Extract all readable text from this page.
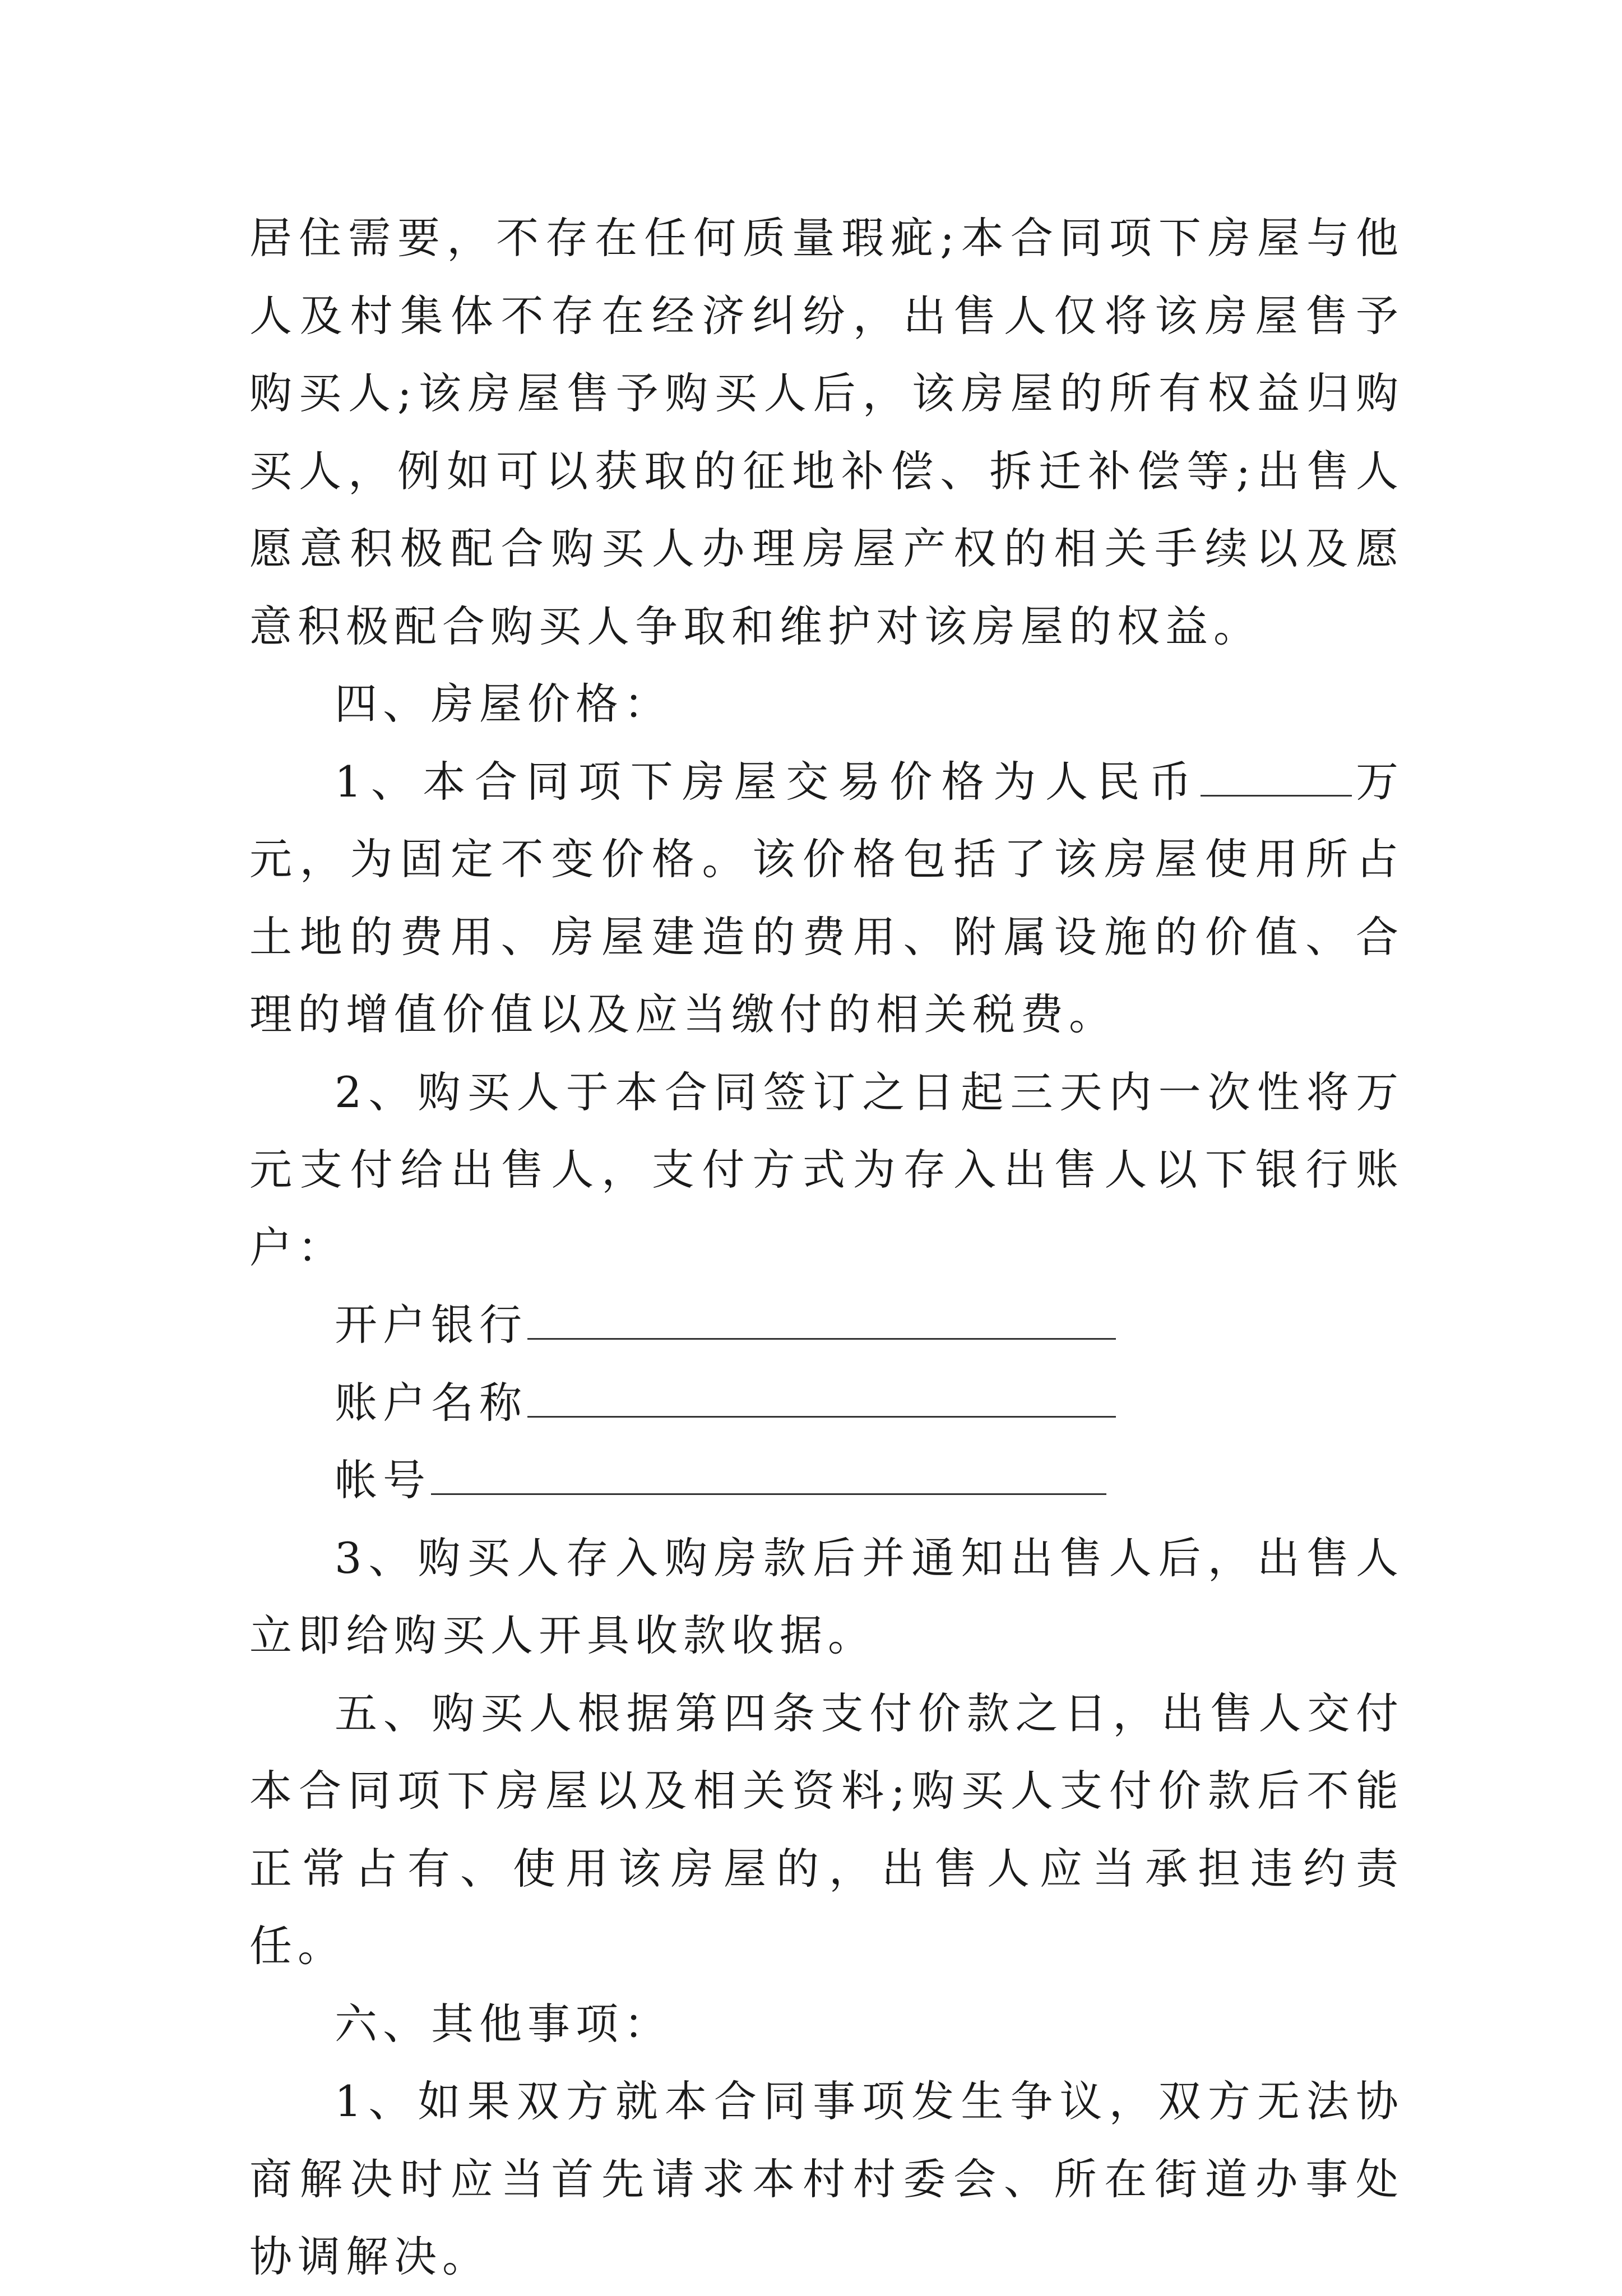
居住需要，不存在任何质量瑕疵;本合同项下房屋与他人及村集体不存在经济纠纷，出售人仅将该房屋售予购买人;该房屋售予购买人后，该房屋的所有权益归购买人，例如可以获取的征地补偿、拆迁补偿等;出售人愿意积极配合购买人办理房屋产权的相关手续以及愿意积极配合购买人争取和维护对该房屋的权益。

四、房屋价格：

1、本合同项下房屋交易价格为人民币	万元，为固定不变价格。该价格包括了该房屋使用所占土地的费用、房屋建造的费用、附属设施的价值、合理的增值价值以及应当缴付的相关税费。

2、购买人于本合同签订之日起三天内一次性将万元支付给出售人，支付方式为存入出售人以下银行账户：

开户银行

账户名称

帐号

3、购买人存入购房款后并通知出售人后，出售人立即给购买人开具收款收据。

五、购买人根据第四条支付价款之日，出售人交付本合同项下房屋以及相关资料;购买人支付价款后不能正常占有、使用该房屋的，出售人应当承担违约责任。

六、其他事项：

1、如果双方就本合同事项发生争议，双方无法协商解决时应当首先请求本村村委会、所在街道办事处协调解决。
